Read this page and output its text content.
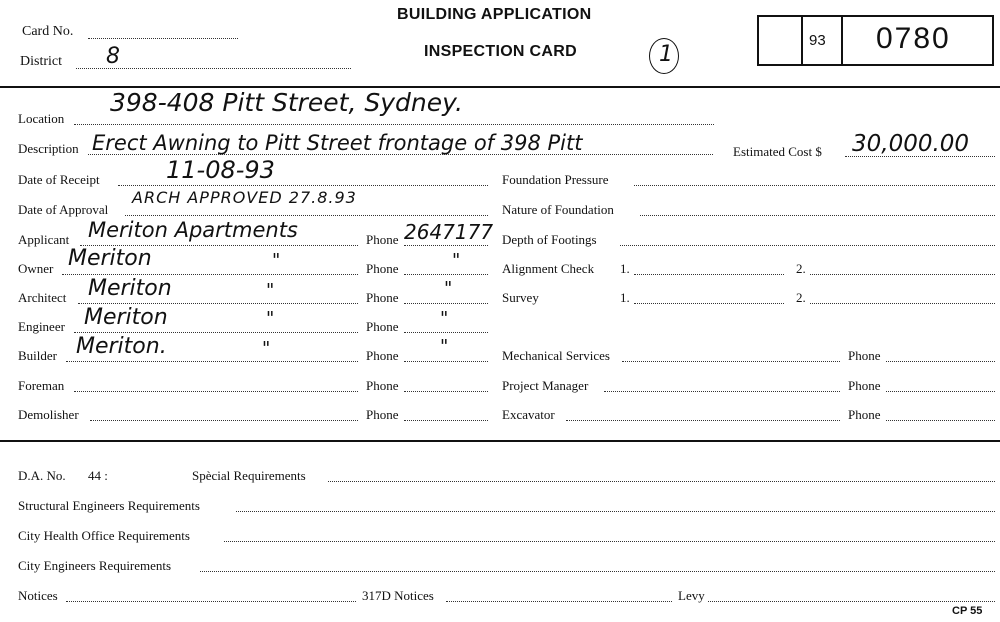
Card No.
District 8
BUILDING APPLICATION
INSPECTION CARD	1
93 0780
Location
398-408 Pitt Street, Sydney.
Description Erect Awning to Pitt Street frontage of 398 Pitt	Estimated Cost $ 30,000.00
Date of Receipt	11-08-93
Date of Approval
ARCH APPROVED 27.8.93
Applicant Meriton Apartments	Phone 2647177
Owner Meriton	"	Phone	"
Architect Meriton	"	Phone	"
Engineer Meriton	"	Phone "
Builder Meriton.	"	Phone "
Foreman	Phone
Demolisher	Phone
Foundation Pressure
Nature of Foundation
Depth of Footings
Alignment Check 1.	2.
Survey	1.	2.
Mechanical Services	Phone
Project Manager	Phone
Excavator	Phone
D.A. No. 44 :	Spècial Requirements
Structural Engineers Requirements
City Health Office Requirements
City Engineers Requirements
Notices	317D Notices	Levy
CP 55
